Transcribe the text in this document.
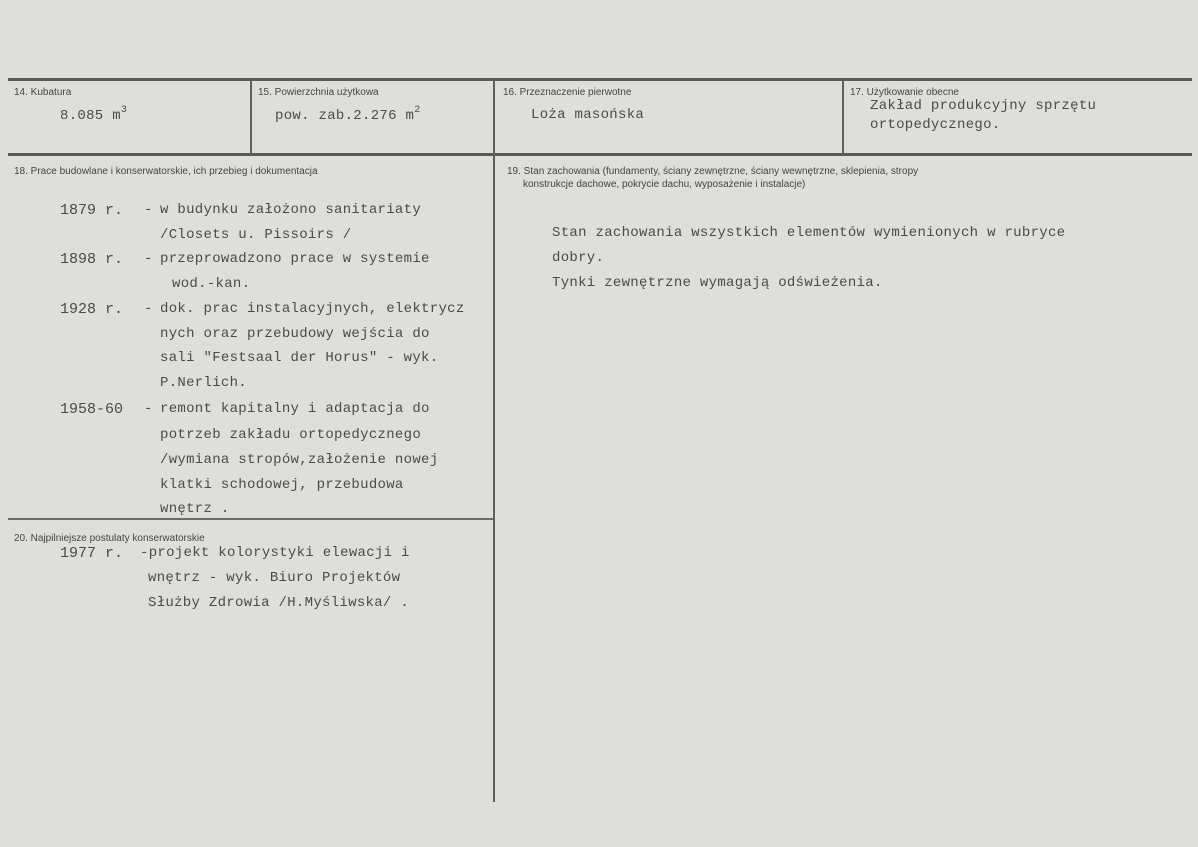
14. Kubatura
8.085 $m^3$
15. Powierzchnia użytkowa
pow. zab.2.276 $m^2$
16. Przeznaczenie pierwotne
Loża masońska
17. Użytkowanie obecne
Zakład produkcyjny sprzętu
ortopedycznego.
18. Prace budowlane i konserwatorskie, ich przebieg i dokumentacja
1879 r. - w budynku założono sanitariaty
/Closets u. Pissoirs /
1898 r. - przeprowadzono prace w systemie
wod.-kan.
1928 r. - dok. prac instalacyjnych, elektrycz
nych oraz przebudowy wejścia do
sali "Festsaal der Horus" - wyk.
P.Nerlich.
1958-60 - remont kapitalny i adaptacja do
potrzeb zakładu ortopedycznego
/wymiana stropów,założenie nowej
klatki schodowej, przebudowa
wnętrz .
19. Stan zachowania (fundamenty, ściany zewnętrzne, ściany wewnętrzne, sklepienia, stropy
konstrukcje dachowe, pokrycie dachu, wyposażenie i instalacje)
Stan zachowania wszystkich elementów wymienionych w rubryce
dobry.
Tynki zewnętrzne wymagają odświeżenia.
20. Najpilniejsze postulaty konserwatorskie
1977 r. -projekt kolorystyki elewacji i
wnętrz - wyk. Biuro Projektów
Służby Zdrowia /H.Myśliwska/ .
